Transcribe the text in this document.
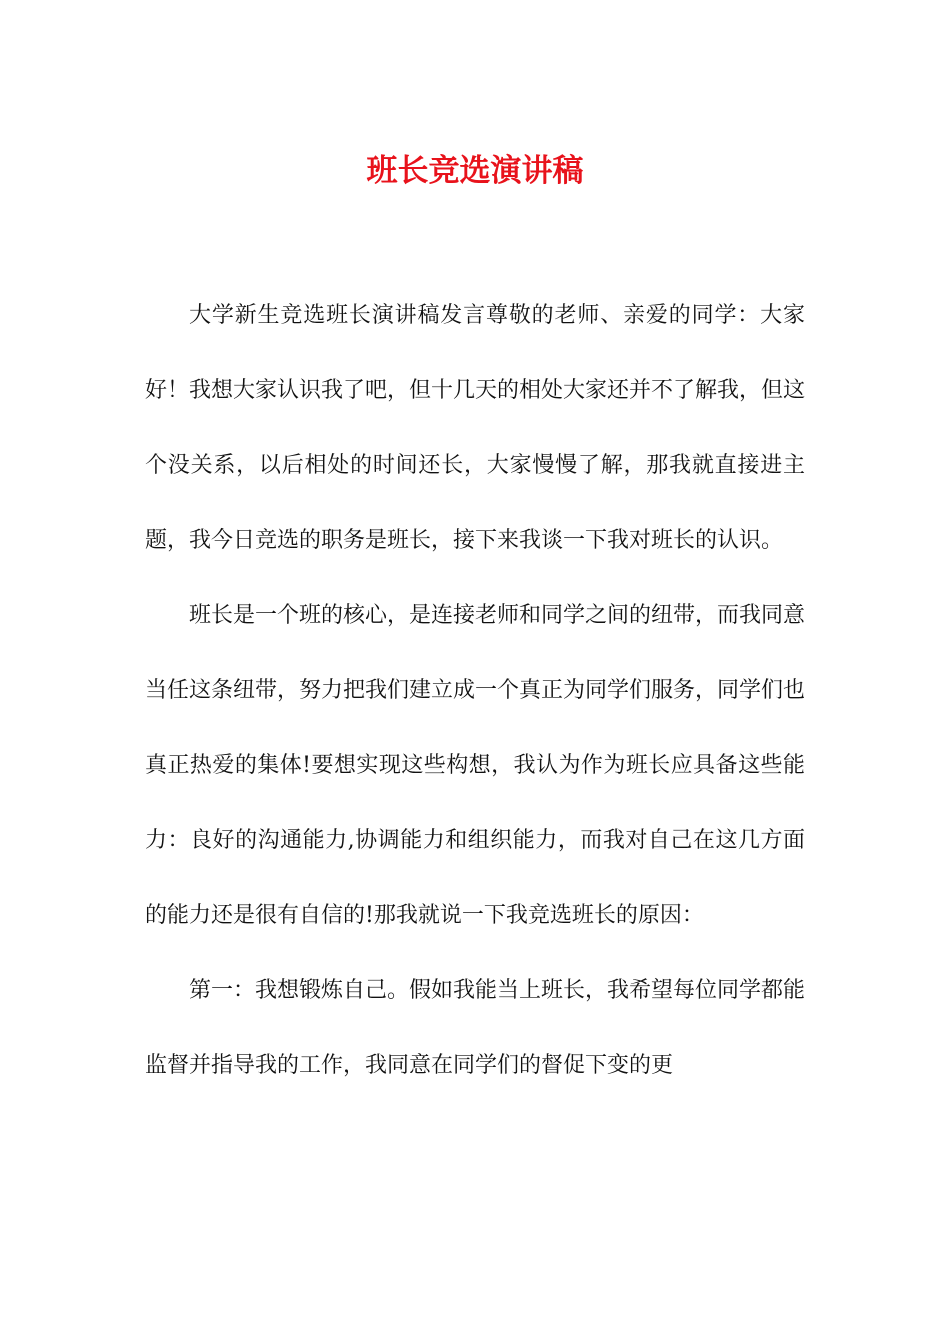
班长竞选演讲稿

大学新生竞选班长演讲稿发言尊敬的老师、亲爱的同学：大家好！我想大家认识我了吧，但十几天的相处大家还并不了解我，但这个没关系，以后相处的时间还长，大家慢慢了解，那我就直接进主题，我今日竞选的职务是班长，接下来我谈一下我对班长的认识。

班长是一个班的核心，是连接老师和同学之间的纽带，而我同意当任这条纽带，努力把我们建立成一个真正为同学们服务，同学们也真正热爱的集体!要想实现这些构想，我认为作为班长应具备这些能力：良好的沟通能力,协调能力和组织能力，而我对自己在这几方面的能力还是很有自信的!那我就说一下我竞选班长的原因：

第一：我想锻炼自己。假如我能当上班长，我希望每位同学都能监督并指导我的工作，我同意在同学们的督促下变的更
